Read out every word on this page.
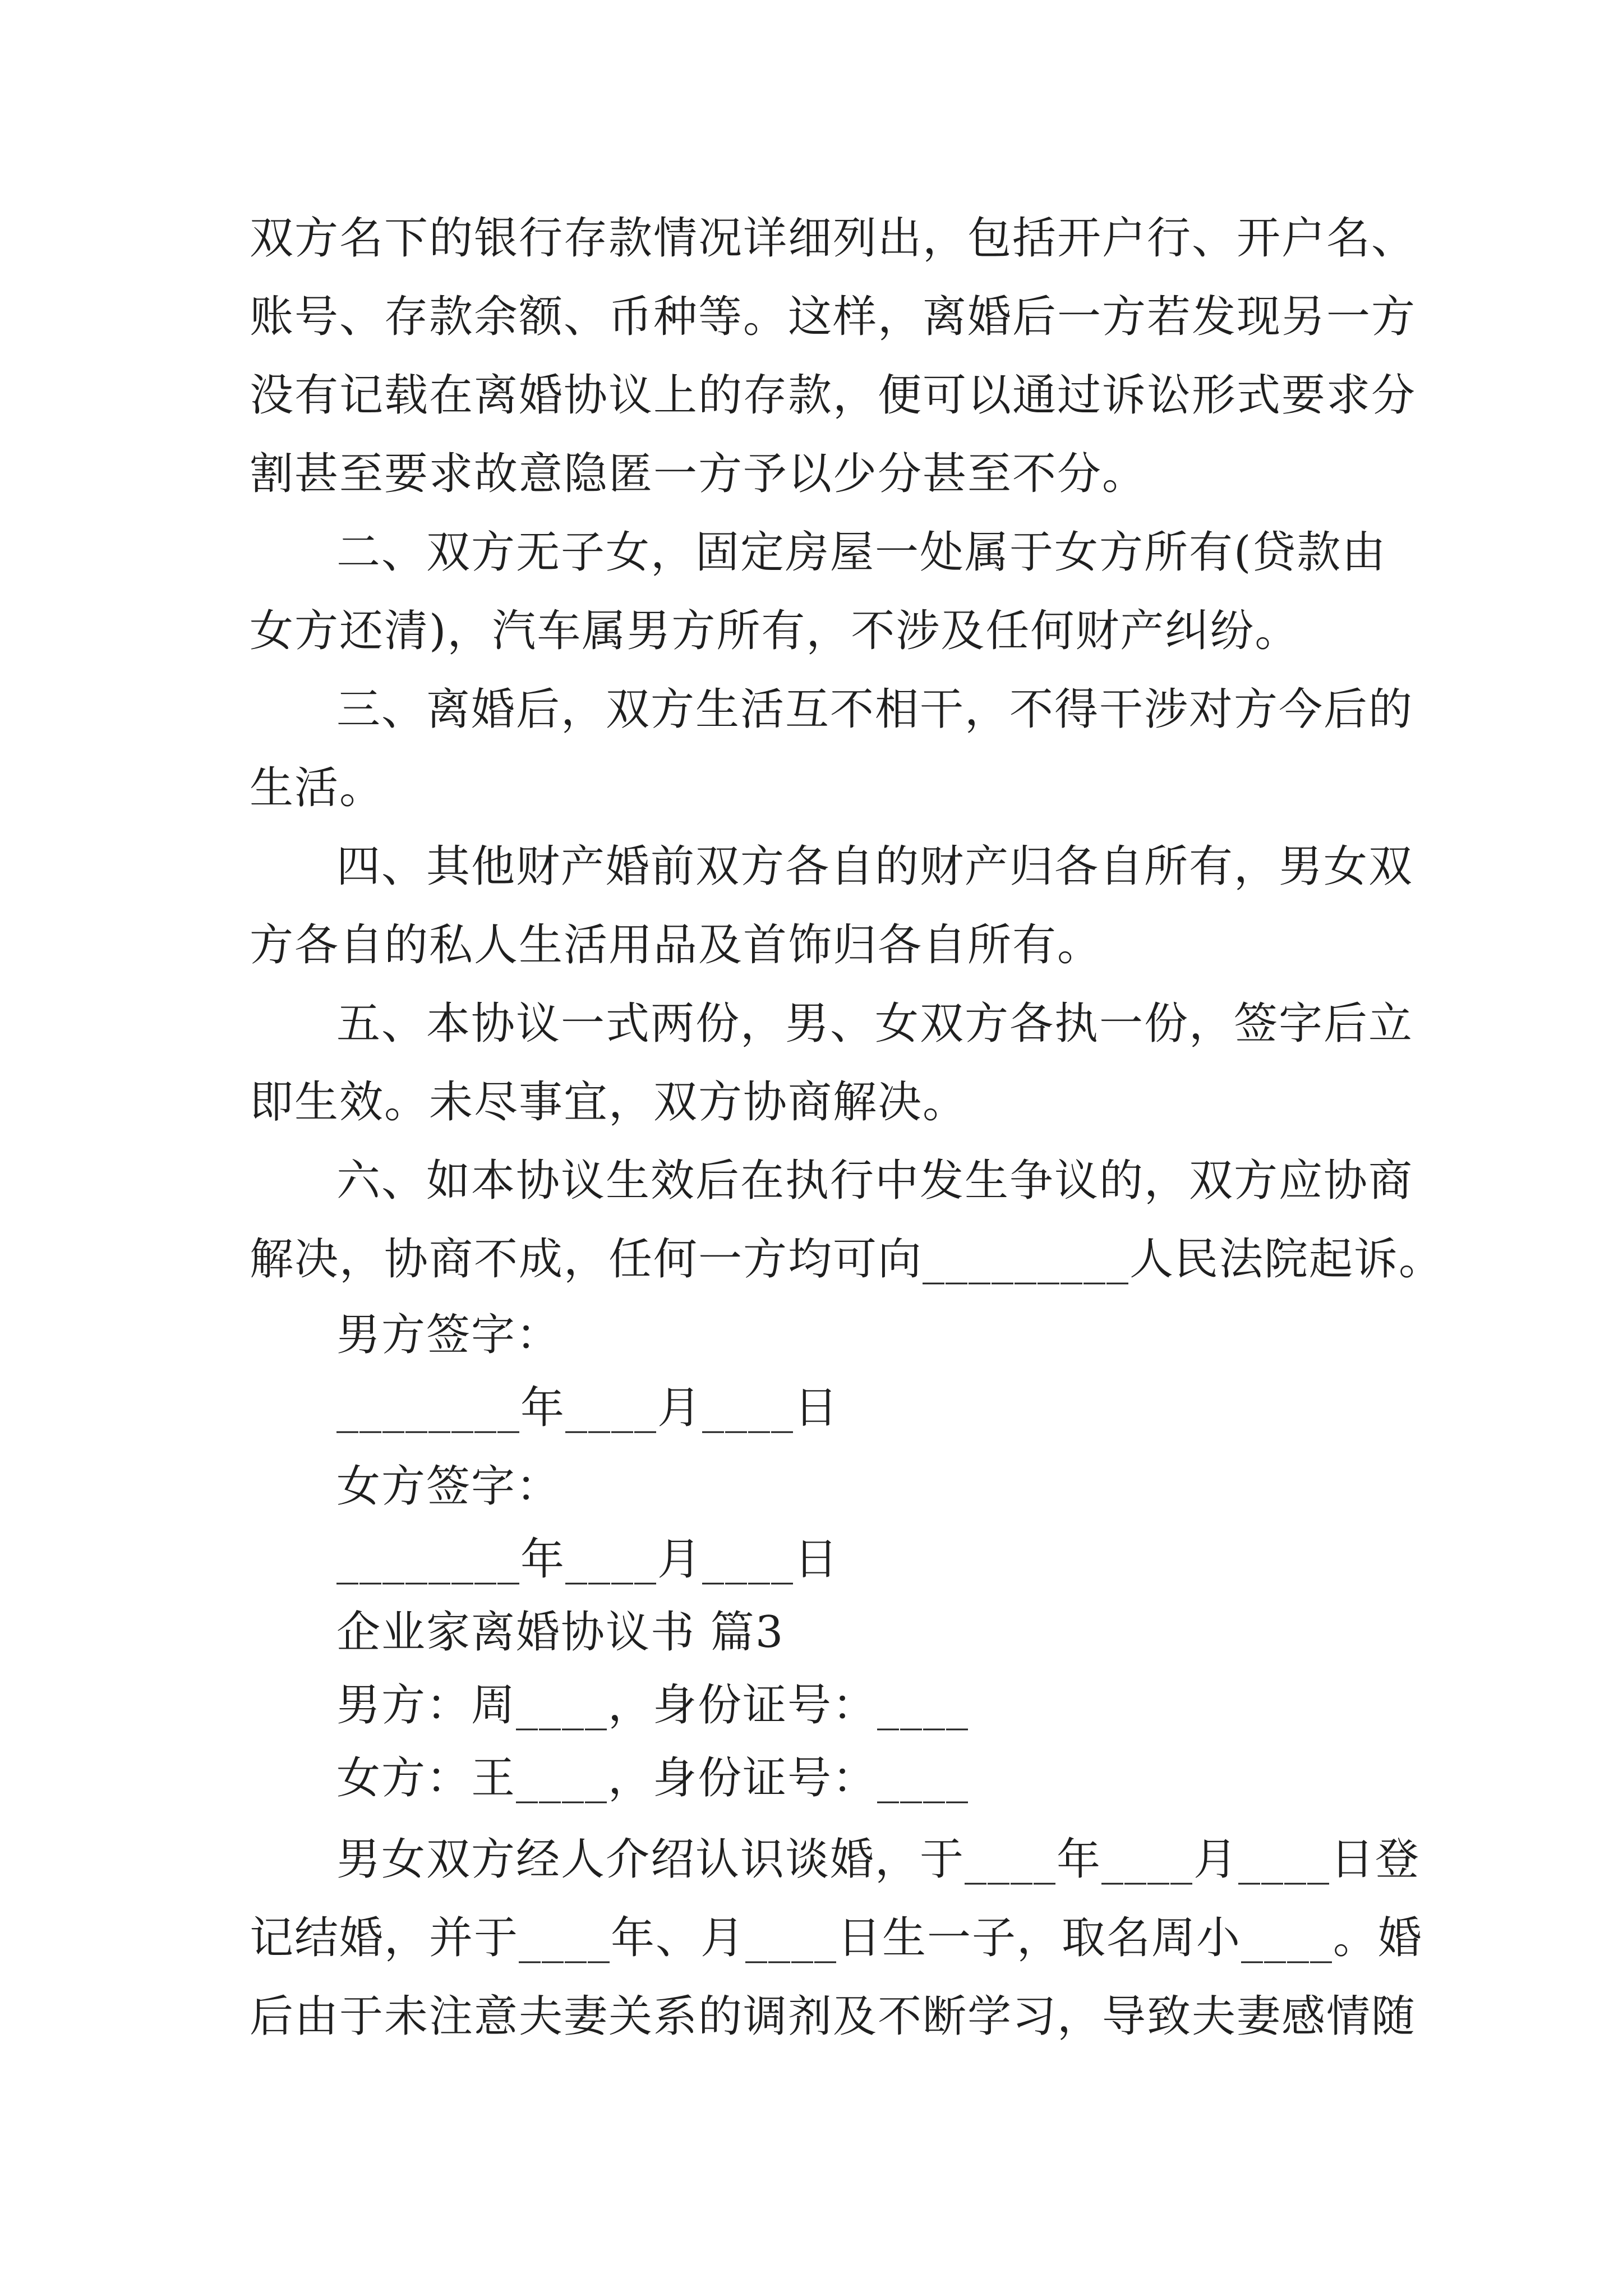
双方名下的银行存款情况详细列出，包括开户行、开户名、
账号、存款余额、币种等。这样，离婚后一方若发现另一方
没有记载在离婚协议上的存款，便可以通过诉讼形式要求分
割甚至要求故意隐匿一方予以少分甚至不分。
二、双方无子女，固定房屋一处属于女方所有(贷款由
女方还清)，汽车属男方所有，不涉及任何财产纠纷。
三、离婚后，双方生活互不相干，不得干涉对方今后的
生活。
四、其他财产婚前双方各自的财产归各自所有，男女双
方各自的私人生活用品及首饰归各自所有。
五、本协议一式两份，男、女双方各执一份，签字后立
即生效。未尽事宜，双方协商解决。
六、如本协议生效后在执行中发生争议的，双方应协商
解决，协商不成，任何一方均可向_________人民法院起诉。
男方签字：
________年____月____日
女方签字：
________年____月____日
企业家离婚协议书 篇3
男方：周____，身份证号：____
女方：王____，身份证号：____
男女双方经人介绍认识谈婚，于____年____月____日登
记结婚，并于____年、月____日生一子，取名周小____。婚
后由于未注意夫妻关系的调剂及不断学习，导致夫妻感情随
